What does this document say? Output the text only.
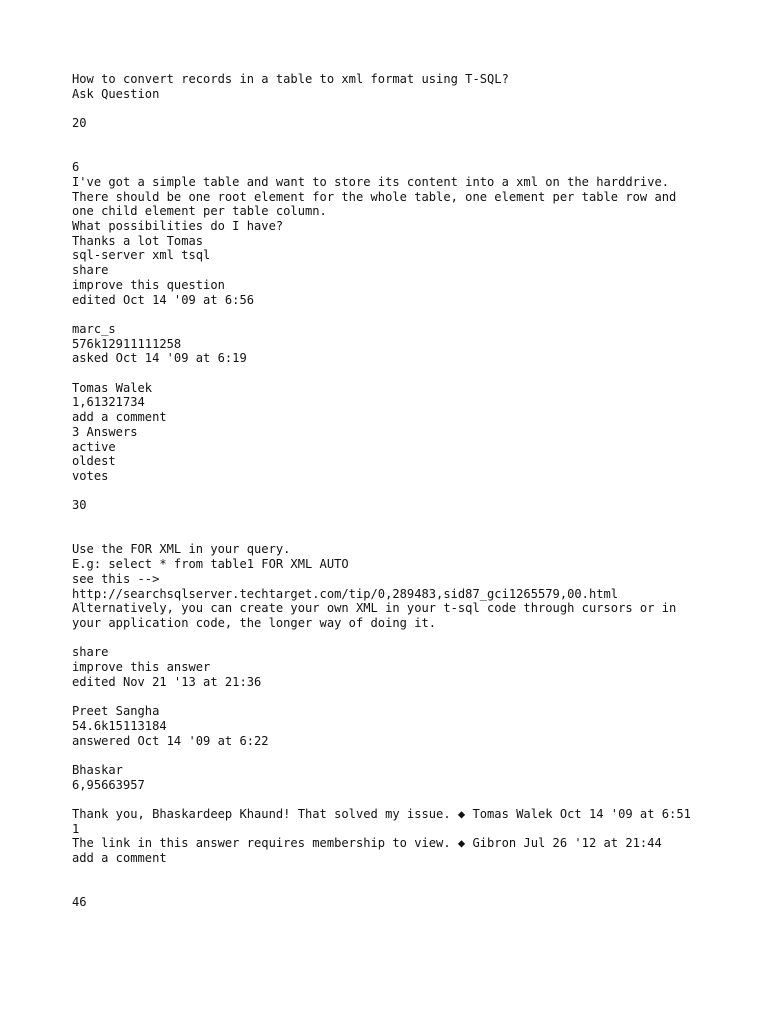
How to convert records in a table to xml format using T-SQL?
Ask Question
20
6
I've got a simple table and want to store its content into a xml on the harddrive. There should be one root element for the whole table, one element per table row and one child element per table column.
What possibilities do I have?
Thanks a lot Tomas
sql-server xml tsql
share
improve this question
edited Oct 14 '09 at 6:56
marc_s
576k12911111258
asked Oct 14 '09 at 6:19
Tomas Walek
1,61321734
add a comment
3 Answers
active
oldest
votes
30
Use the FOR XML in your query.
E.g: select * from table1 FOR XML AUTO
see this -->
http://searchsqlserver.techtarget.com/tip/0,289483,sid87_gci1265579,00.html
Alternatively, you can create your own XML in your t-sql code through cursors or in your application code, the longer way of doing it.
share
improve this answer
edited Nov 21 '13 at 21:36
Preet Sangha
54.6k15113184
answered Oct 14 '09 at 6:22
Bhaskar
6,95663957
Thank you, Bhaskardeep Khaund! That solved my issue. ◆ Tomas Walek Oct 14 '09 at 6:51
1
The link in this answer requires membership to view. ◆ Gibron Jul 26 '12 at 21:44
add a comment
46
